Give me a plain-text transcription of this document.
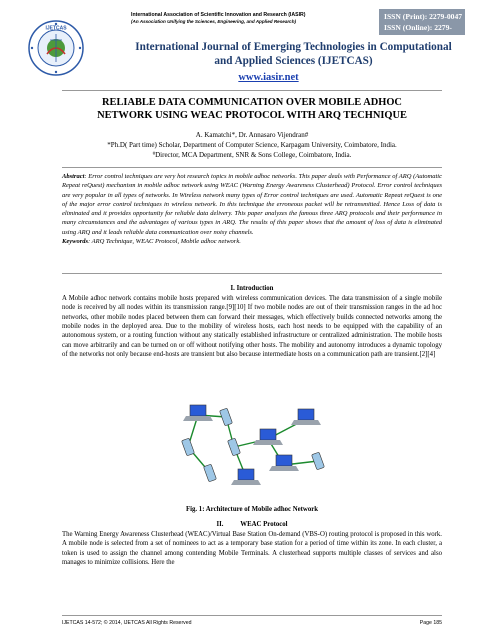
IJETCAS
International Association of Scientific Innovation and Research (IASIR)
(An Association Unifying the Sciences, Engineering, and Applied Research)	ISSN (Print): 2279-0047
ISSN (Online): 2279-0055
International Journal of Emerging Technologies in Computational
and Applied Sciences (IJETCAS)
www.iasir.net
RELIABLE DATA COMMUNICATION OVER MOBILE ADHOC
NETWORK USING WEAC PROTOCOL WITH ARQ TECHNIQUE
A. Kamatchi*, Dr. Annasaro Vijendran#
*Ph.D( Part time) Scholar, Department of Computer Science, Karpagam University, Coimbatore, India.
#Director, MCA Department, SNR & Sons College, Coimbatore, India.
Abstract: Error control techniques are very hot research topics in mobile adhoc networks. This paper deals with Performance of ARQ (Automatic Repeat reQuest) mechanism in mobile adhoc network using WEAC (Warning Energy Awareness Clusterhead) Protocol. Error control techniques are very popular in all types of networks. In Wireless network many types of Error control techniques are used. Automatic Repeat reQuest is one of the major error control techniques in wireless network. In this technique the erroneous packet will be retransmitted. Hence Loss of data is eliminated and it provides opportunity for reliable data delivery. This paper analyzes the famous three ARQ protocols and their performance in many circumstances and the advantages of various types in ARQ. The results of this paper shows that the amount of loss of data is eliminated using ARQ and it leads reliable data communication over noisy channels.
Keywords: ARQ Technique, WEAC Protocol, Mobile adhoc network.
I. Introduction
A Mobile adhoc network contains mobile hosts prepared with wireless communication devices. The data transmission of a single mobile node is received by all nodes within its transmission range.[9][10] If two mobile nodes are out of their transmission ranges in the ad hoc networks, other mobile nodes placed between them can forward their messages, which effectively builds connected networks among the mobile nodes in the deployed area. Due to the mobility of wireless hosts, each host needs to be equipped with the capability of an autonomous system, or a routing function without any statically established infrastructure or centralized administration. The mobile hosts can move arbitrarily and can be turned on or off without notifying other hosts. The mobility and autonomy introduces a dynamic topology of the networks not only because end-hosts are transient but also because intermediate hosts on a communication path are transient.[2][4]
Fig. 1: Architecture of Mobile adhoc Network
II.          WEAC Protocol
The Warning Energy Awareness Clusterhead (WEAC)/Virtual Base Station On-demand (VBS-O) routing protocol is proposed in this work. A mobile node is selected from a set of nominees to act as a temporary base station for a period of time within its zone. In each cluster, a token is used to assign the channel among contending Mobile Terminals. A clusterhead supports multiple classes of services and also manages to minimize collisions. Here the
IJETCAS 14-572; © 2014, IJETCAS All Rights Reserved	Page 185
